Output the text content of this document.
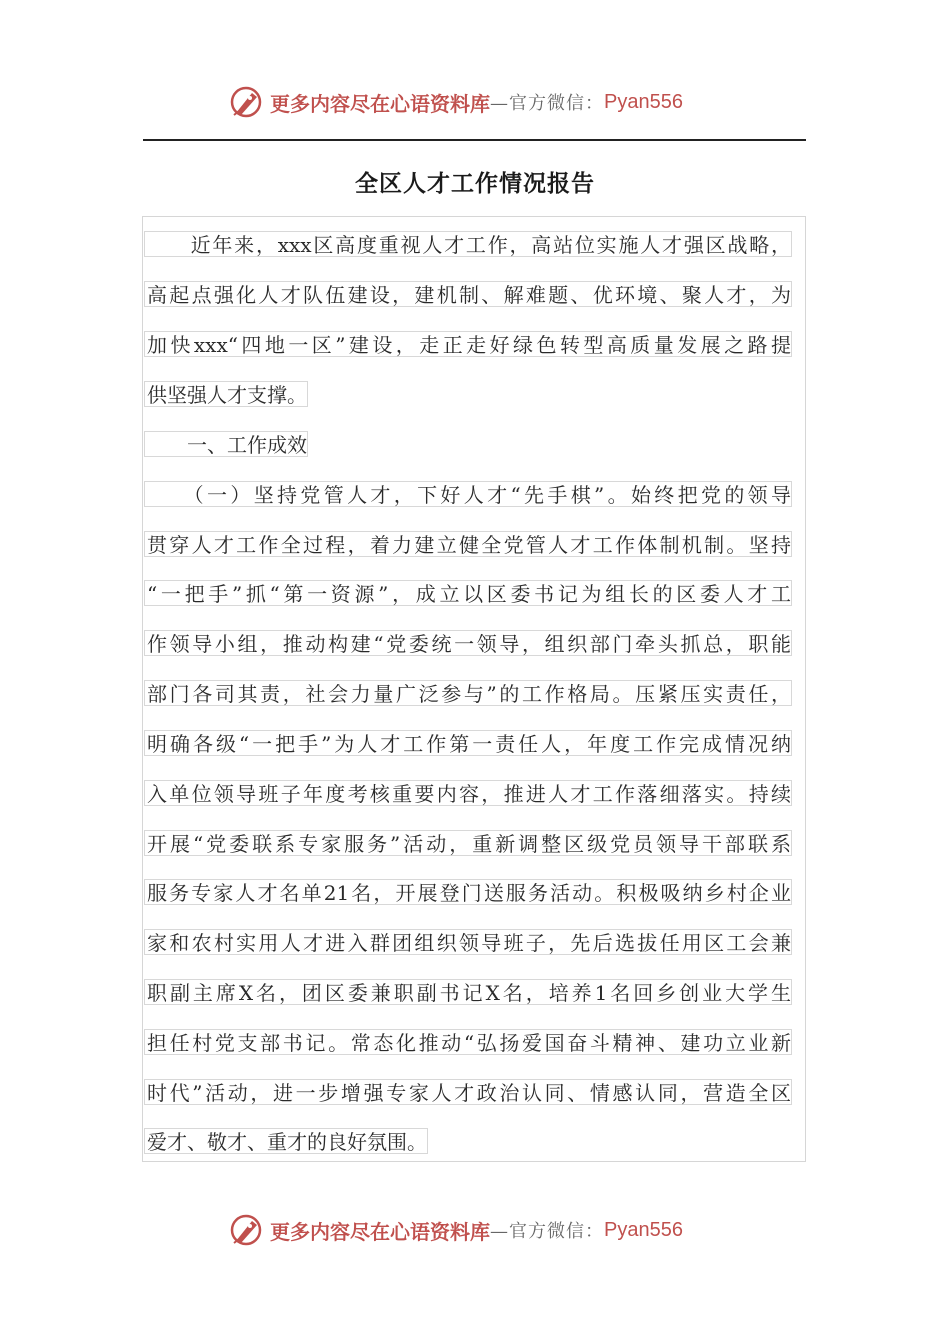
更多内容尽在心语资料库 —官方微信： Pyan556
全区人才工作情况报告
　　近年来，xxx区高度重视人才工作，高站位实施人才强区战略，
高起点强化人才队伍建设，建机制、解难题、优环境、聚人才，为
加快xxx“四地一区”建设，走正走好绿色转型高质量发展之路提
供坚强人才支撑。
　　一、工作成效
　　（一）坚持党管人才，下好人才“先手棋”。始终把党的领导
贯穿人才工作全过程，着力建立健全党管人才工作体制机制。坚持
“一把手”抓“第一资源”，成立以区委书记为组长的区委人才工
作领导小组，推动构建“党委统一领导，组织部门牵头抓总，职能
部门各司其责，社会力量广泛参与”的工作格局。压紧压实责任，
明确各级“一把手”为人才工作第一责任人，年度工作完成情况纳
入单位领导班子年度考核重要内容，推进人才工作落细落实。持续
开展“党委联系专家服务”活动，重新调整区级党员领导干部联系
服务专家人才名单21名，开展登门送服务活动。积极吸纳乡村企业
家和农村实用人才进入群团组织领导班子，先后选拔任用区工会兼
职副主席X名，团区委兼职副书记X名，培养1名回乡创业大学生
担任村党支部书记。常态化推动“弘扬爱国奋斗精神、建功立业新
时代”活动，进一步增强专家人才政治认同、情感认同，营造全区
爱才、敬才、重才的良好氛围。
更多内容尽在心语资料库 —官方微信： Pyan556
